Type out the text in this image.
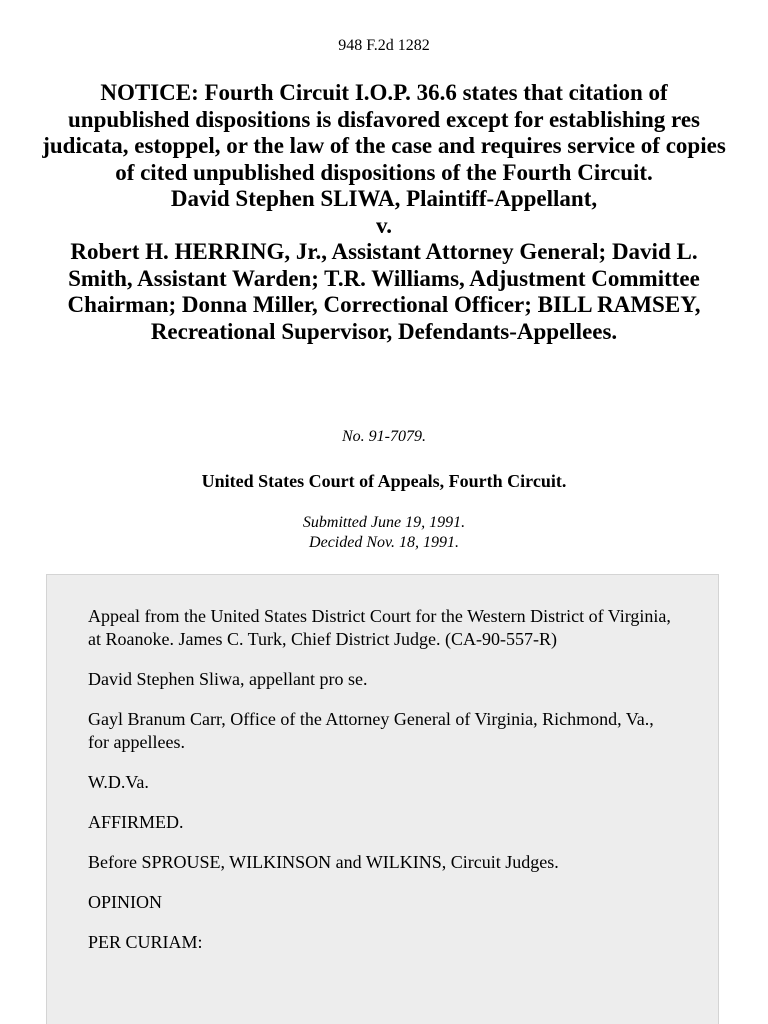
948 F.2d 1282
NOTICE: Fourth Circuit I.O.P. 36.6 states that citation of unpublished dispositions is disfavored except for establishing res judicata, estoppel, or the law of the case and requires service of copies of cited unpublished dispositions of the Fourth Circuit.
David Stephen SLIWA, Plaintiff-Appellant,
v.
Robert H. HERRING, Jr., Assistant Attorney General; David L. Smith, Assistant Warden; T.R. Williams, Adjustment Committee Chairman; Donna Miller, Correctional Officer; BILL RAMSEY, Recreational Supervisor, Defendants-Appellees.
No. 91-7079.
United States Court of Appeals, Fourth Circuit.
Submitted June 19, 1991.
Decided Nov. 18, 1991.

Appeal from the United States District Court for the Western District of Virginia, at Roanoke. James C. Turk, Chief District Judge. (CA-90-557-R)

David Stephen Sliwa, appellant pro se.

Gayl Branum Carr, Office of the Attorney General of Virginia, Richmond, Va., for appellees.

W.D.Va.

AFFIRMED.

Before SPROUSE, WILKINSON and WILKINS, Circuit Judges.

OPINION

PER CURIAM:
